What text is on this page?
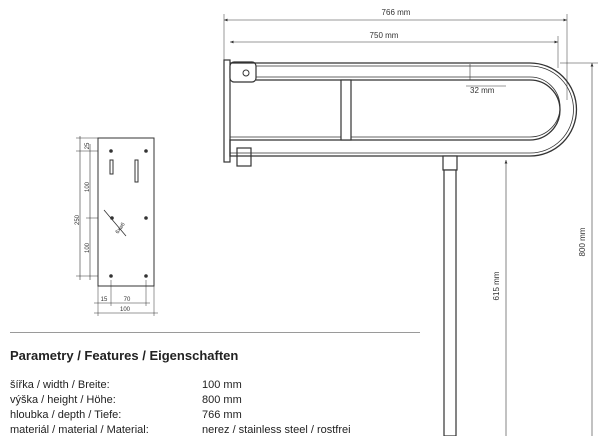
6x⌀6
25
100
250
100
15	70
100
32 mm
766 mm
750 mm
615 mm
800 mm
Parametry / Features / Eigenschaften
šířka / width / Breite:	100 mm
výška / height / Höhe:	800 mm
hloubka / depth / Tiefe:	766 mm
materiál / material / Material:	nerez / stainless steel / rostfrei
